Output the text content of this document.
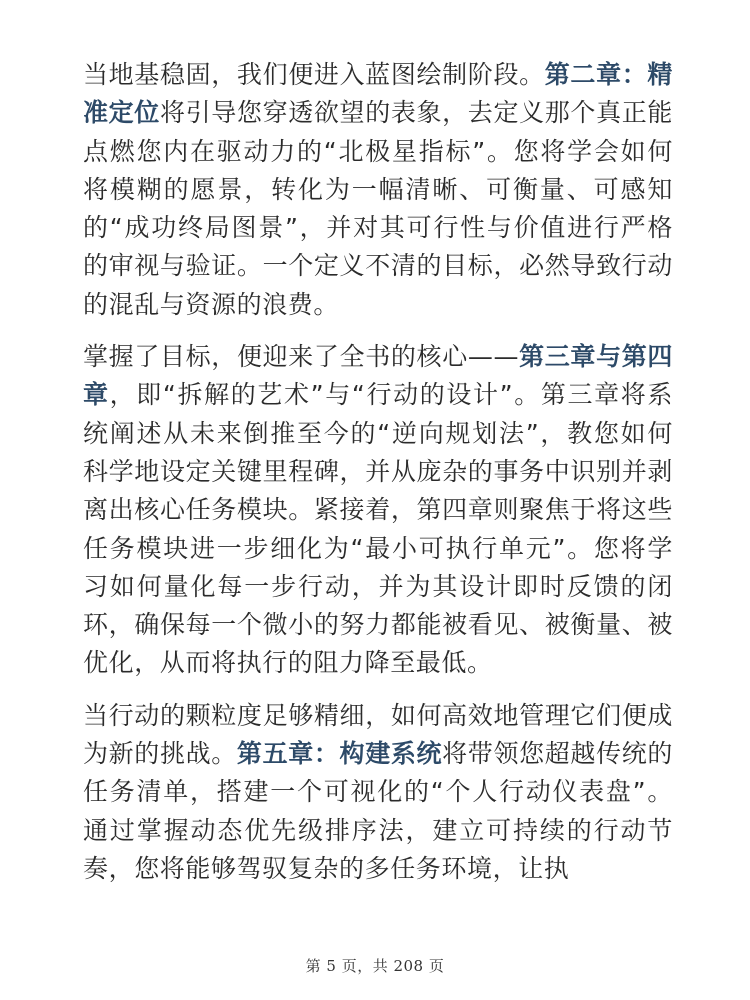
当地基稳固，我们便进入蓝图绘制阶段。第二章：精准定位将引导您穿透欲望的表象，去定义那个真正能点燃您内在驱动力的“北极星指标”。您将学会如何将模糊的愿景，转化为一幅清晰、可衡量、可感知的“成功终局图景”，并对其可行性与价值进行严格的审视与验证。一个定义不清的目标，必然导致行动的混乱与资源的浪费。

掌握了目标，便迎来了全书的核心——第三章与第四章，即“拆解的艺术”与“行动的设计”。第三章将系统阐述从未来倒推至今的“逆向规划法”，教您如何科学地设定关键里程碑，并从庞杂的事务中识别并剥离出核心任务模块。紧接着，第四章则聚焦于将这些任务模块进一步细化为“最小可执行单元”。您将学习如何量化每一步行动，并为其设计即时反馈的闭环，确保每一个微小的努力都能被看见、被衡量、被优化，从而将执行的阻力降至最低。

当行动的颗粒度足够精细，如何高效地管理它们便成为新的挑战。第五章：构建系统将带领您超越传统的任务清单，搭建一个可视化的“个人行动仪表盘”。通过掌握动态优先级排序法，建立可持续的行动节奏，您将能够驾驭复杂的多任务环境，让执

第 5 页，共 208 页
